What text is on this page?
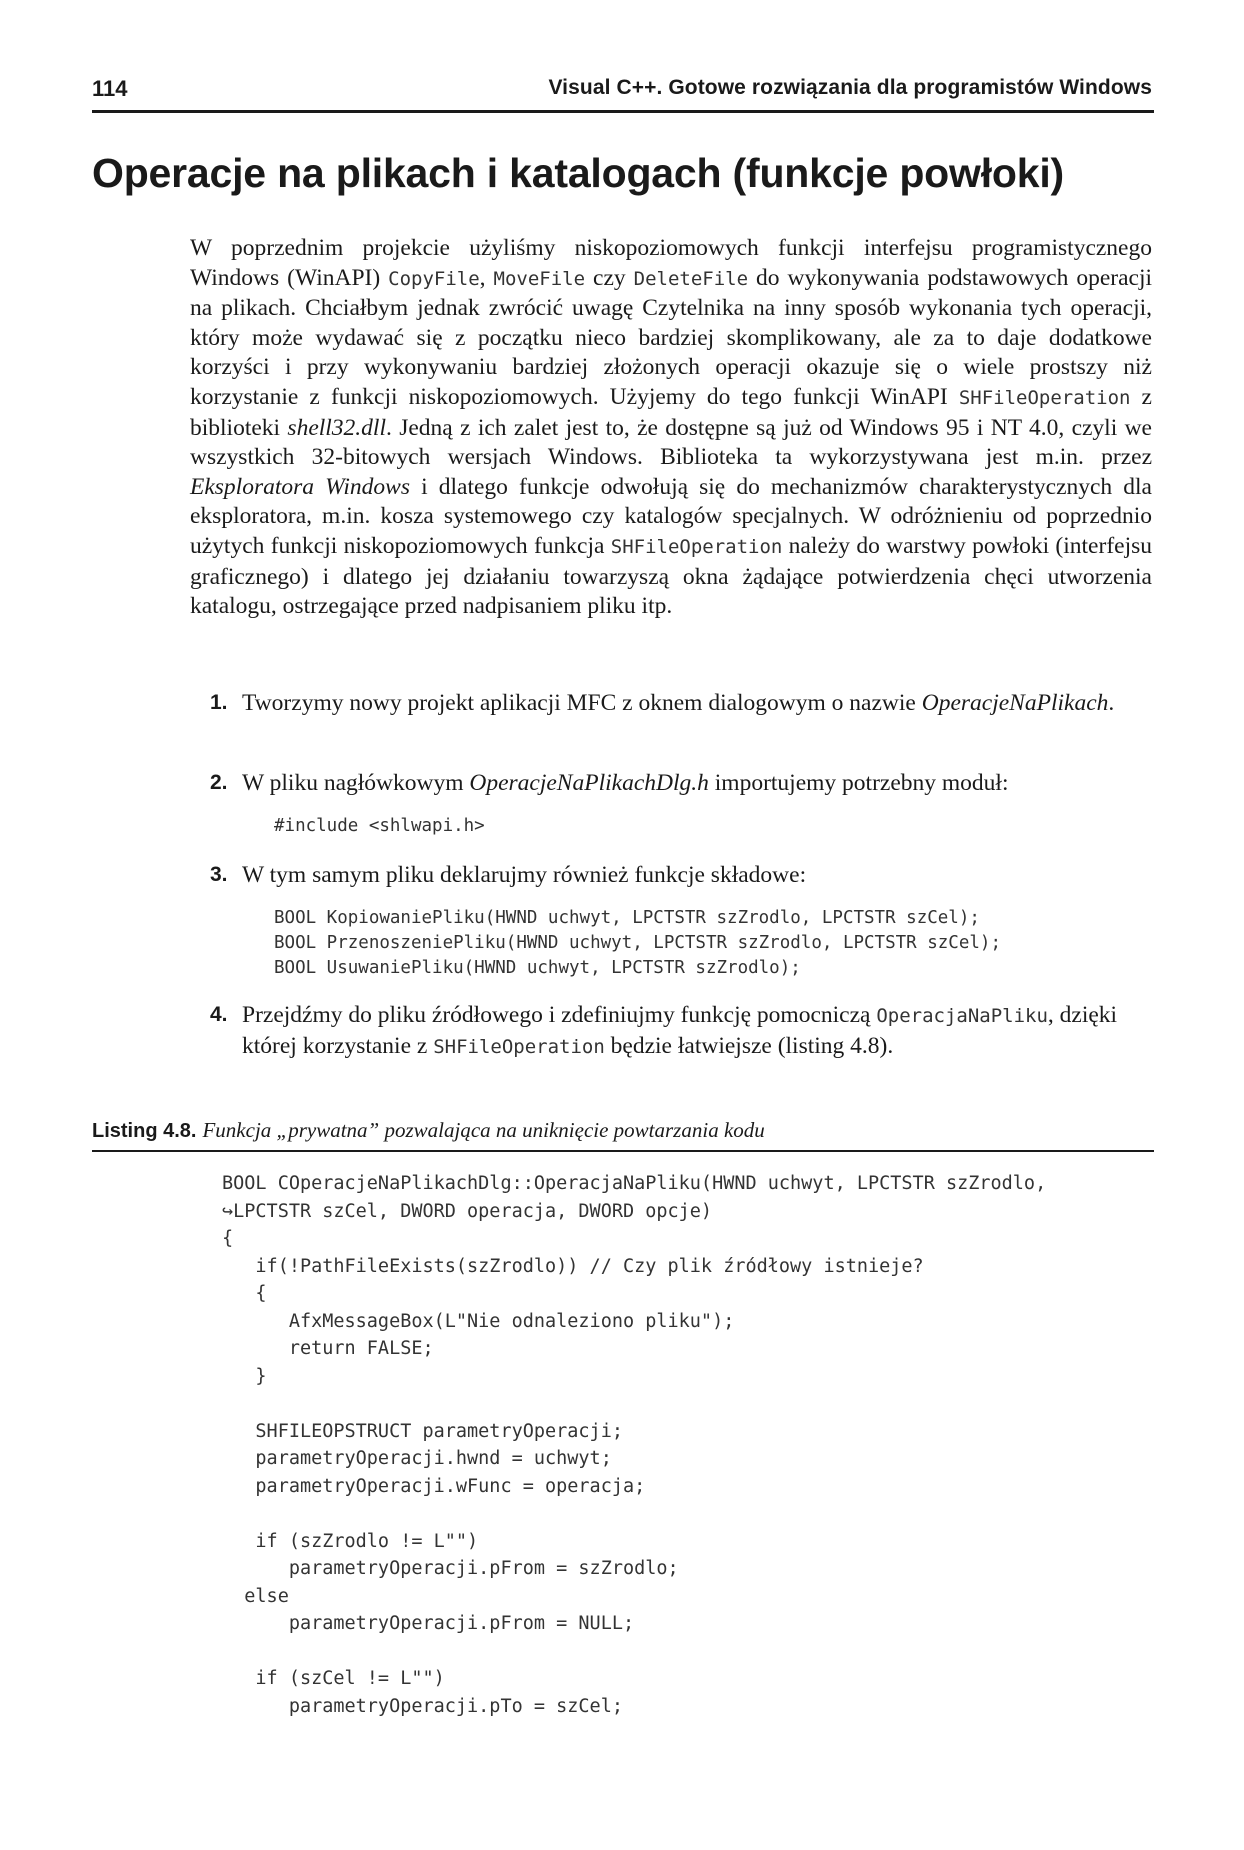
114	Visual C++. Gotowe rozwiązania dla programistów Windows
Operacje na plikach i katalogach (funkcje powłoki)

W poprzednim projekcie użyliśmy niskopoziomowych funkcji interfejsu programistycznego Windows (WinAPI) CopyFile, MoveFile czy DeleteFile do wykonywania podstawowych operacji na plikach. Chciałbym jednak zwrócić uwagę Czytelnika na inny sposób wykonania tych operacji, który może wydawać się z początku nieco bardziej skomplikowany, ale za to daje dodatkowe korzyści i przy wykonywaniu bardziej złożonych operacji okazuje się o wiele prostszy niż korzystanie z funkcji niskopoziomowych. Użyjemy do tego funkcji WinAPI SHFileOperation z biblioteki shell32.dll. Jedną z ich zalet jest to, że dostępne są już od Windows 95 i NT 4.0, czyli we wszystkich 32-bitowych wersjach Windows. Biblioteka ta wykorzystywana jest m.in. przez Eksploratora Windows i dlatego funkcje odwołują się do mechanizmów charakterystycznych dla eksploratora, m.in. kosza systemowego czy katalogów specjalnych. W odróżnieniu od poprzednio użytych funkcji niskopoziomowych funkcja SHFileOperation należy do warstwy powłoki (interfejsu graficznego) i dlatego jej działaniu towarzyszą okna żądające potwierdzenia chęci utworzenia katalogu, ostrzegające przed nadpisaniem pliku itp.

1. Tworzymy nowy projekt aplikacji MFC z oknem dialogowym o nazwie OperacjeNaPlikach.
2. W pliku nagłówkowym OperacjeNaPlikachDlg.h importujemy potrzebny moduł:
3. W tym samym pliku deklarujmy również funkcje składowe:
4. Przejdźmy do pliku źródłowego i zdefiniujmy funkcję pomocniczą OperacjaNaPliku, dzięki której korzystanie z SHFileOperation będzie łatwiejsze (listing 4.8).
#include <shlwapi.h>
BOOL KopiowaniePliku(HWND uchwyt, LPCTSTR szZrodlo, LPCTSTR szCel);
BOOL PrzenoszeniePliku(HWND uchwyt, LPCTSTR szZrodlo, LPCTSTR szCel);
BOOL UsuwaniePliku(HWND uchwyt, LPCTSTR szZrodlo);
Listing 4.8. Funkcja „prywatna” pozwalająca na uniknięcie powtarzania kodu
BOOL COperacjeNaPlikachDlg::OperacjaNaPliku(HWND uchwyt, LPCTSTR szZrodlo,
↪LPCTSTR szCel, DWORD operacja, DWORD opcje)
{
if(!PathFileExists(szZrodlo)) // Czy plik źródłowy istnieje?
{
AfxMessageBox(L"Nie odnaleziono pliku");
return FALSE;
}
SHFILEOPSTRUCT parametryOperacji;
parametryOperacji.hwnd = uchwyt;
parametryOperacji.wFunc = operacja;
if (szZrodlo != L"")
parametryOperacji.pFrom = szZrodlo;
else
parametryOperacji.pFrom = NULL;
if (szCel != L"")
parametryOperacji.pTo = szCel;
